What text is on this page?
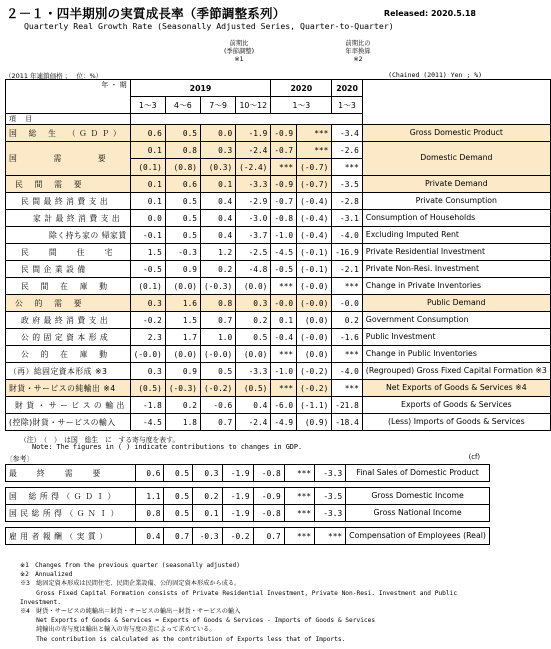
２－１・四半期別の実質成長率（季節調整系列）	Released: 2020.5.18
Quarterly Real Growth Rate (Seasonally Adjusted Series, Quarter-to-Quarter)
前期比
(季節調整)
※1
前期比の
年率換算
※2
（2011 年連鎖価格 ；　 位：%）	(Chained (2011) Yen ; %)
年 ・ 期	2019				2020		2020	
	1～3	4～6	7～9	10～12	1～3		1～3	
項　 目								
国　 総　 生　 （ Ｇ Ｄ Ｐ ）	0.6	0.5	0.0	-1.9	-0.9	***	-3.4	Gross Domestic Product
国　　　　 需　　　　 要	0.1	0.8	0.3	-2.4	-0.7	***	-2.6	Domestic Demand
	(0.1)	(0.8)	(0.3)	(-2.4)	***	(-0.7)	***	
民　 間　 需　 要	0.1	0.6	0.1	-3.3	-0.9	(-0.7)	-3.5	Private Demand
民 間 最 終 消 費 支 出	0.1	0.5	0.4	-2.9	-0.7	(-0.4)	-2.8	Private Consumption
家 計 最 終 消 費 支 出	0.0	0.5	0.4	-3.0	-0.8	(-0.4)	-3.1	Consumption of Households
除く持ち家の 帰家賃	-0.1	0.5	0.4	-3.7	-1.0	(-0.4)	-4.0	Excluding Imputed Rent
民　　 間　　 住　　 宅	1.5	-0.3	1.2	-2.5	-4.5	(-0.1)	-16.9	Private Residential Investment
民 間 企 業 設 備	-0.5	0.9	0.2	-4.8	-0.5	(-0.1)	-2.1	Private Non-Resi. Investment
民　 間　 在　 庫　 動	(0.1)	(0.0)	(-0.3)	(0.0)	***	(-0.0)	***	Change in Private Inventories
公　 的　 需　 要	0.3	1.6	0.8	0.3	-0.0	(-0.0)	-0.0	Public Demand
政 府 最 終 消 費 支 出	-0.2	1.5	0.7	0.2	0.1	(0.0)	0.2	Government Consumption
公 的 固 定 資 本 形 成	2.3	1.7	1.0	0.5	-0.4	(-0.0)	-1.6	Public Investment
公　 的　 在　 庫　 動	(-0.0)	(0.0)	(-0.0)	(0.0)	***	(0.0)	***	Change in Public Inventories
（再）総固定資本形成 ※3	0.3	0.9	0.5	-3.3	-1.0	(-0.2)	-4.0	(Regrouped) Gross Fixed Capital Formation ※3
財貨・サービスの純輸出 ※4	(0.5)	(-0.3)	(-0.2)	(0.5)	***	(-0.2)	***	Net Exports of Goods & Services ※4
財 貨 ・ サ ー ビ ス の 輸 出	-1.8	0.2	-0.6	0.4	-6.0	(-1.1)	-21.8	Exports of Goods & Services
(控除)財貨・サービスの輸入	-4.5	1.8	0.7	-2.4	-4.9	(0.9)	-18.4	(Less) Imports of Goods & Services
（注）　（　）　は国　総生　に　する寄与度を表す。
Note: The figures in ( ) indicate contributions to changes in GDP.
〔参考〕	(cf)
最　　 終　　 需　　 要	0.6	0.5	0.3	-1.9	-0.8	***	-3.3	Final Sales of Domestic Product

国　 総 所 得 （ Ｇ Ｄ Ｉ ）	1.1	0.5	0.2	-1.9	-0.9	***	-3.5	Gross Domestic Income
国 民 総 所 得 （ Ｇ Ｎ Ｉ ）	0.8	0.5	0.1	-1.9	-0.8	***	-3.3	Gross National Income

雇 用 者 報 酬 （ 実 質 ）	0.4	0.7	-0.3	-0.2	0.7	***	***	Compensation of Employees (Real)
※1　Changes from the previous quarter (seasonally adjusted)
※2　Annualized
※3　総固定資本形成は民間住宅、民間企業設備、公的固定資本形成から成る。
　　 Gross Fixed Capital Formation consists of Private Residential Investment, Private Non-Resi. Investment and Public Investment.
※4　財貨・サービスの純輸出＝財貨・サービスの輸出－財貨・サービスの輸入
　　 Net Exports of Goods & Services = Exports of Goods & Services - Imports of Goods & Services
　　 純輸出の寄与度は輸出と輸入の寄与度の差によって求めている。
　　 The contribution is calculated as the contribution of Exports less that of Imports.
